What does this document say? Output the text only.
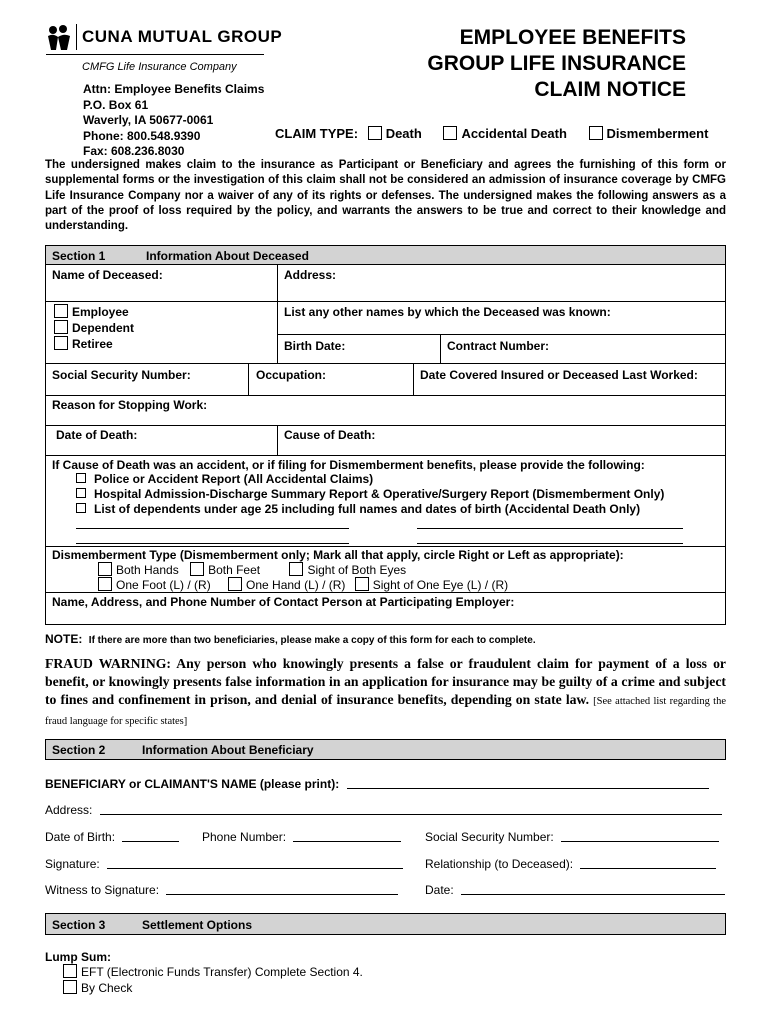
CUNA MUTUAL GROUP
CMFG Life Insurance Company
Attn: Employee Benefits Claims
P.O. Box 61
Waverly, IA 50677-0061
Phone: 800.548.9390
Fax: 608.236.8030
EMPLOYEE BENEFITS
GROUP LIFE INSURANCE
CLAIM NOTICE
CLAIM TYPE: Death	Accidental Death	Dismemberment
The undersigned makes claim to the insurance as Participant or Beneficiary and agrees the furnishing of this form or supplemental forms or the investigation of this claim shall not be considered an admission of insurance coverage by CMFG Life Insurance Company nor a waiver of any of its rights or defenses. The undersigned makes the following answers as a part of the proof of loss required by the policy, and warrants the answers to be true and correct to their knowledge and understanding.
Section 1	Information About Deceased
Name of Deceased:	Address:
Employee
Dependent
Retiree
List any other names by which the Deceased was known:
Birth Date:	Contract Number:
Social Security Number:	Occupation:	Date Covered Insured or Deceased Last Worked:
Reason for Stopping Work:
Date of Death:	Cause of Death:
If Cause of Death was an accident, or if filing for Dismemberment benefits, please provide the following:
Police or Accident Report (All Accidental Claims)
Hospital Admission-Discharge Summary Report & Operative/Surgery Report (Dismemberment Only)
List of dependents under age 25 including full names and dates of birth (Accidental Death Only)
Dismemberment Type (Dismemberment only; Mark all that apply, circle Right or Left as appropriate):
Both Hands Both Feet	Sight of Both Eyes
One Foot (L) / (R)	One Hand (L) / (R) Sight of One Eye (L) / (R)
Name, Address, and Phone Number of Contact Person at Participating Employer:
NOTE: If there are more than two beneficiaries, please make a copy of this form for each to complete.
FRAUD WARNING: Any person who knowingly presents a false or fraudulent claim for payment of a loss or benefit, or knowingly presents false information in an application for insurance may be guilty of a crime and subject to fines and confinement in prison, and denial of insurance benefits, depending on state law. [See attached list regarding the fraud language for specific states]
Section 2	Information About Beneficiary
BENEFICIARY or CLAIMANT'S NAME (please print):
Address:
Date of Birth:	Phone Number:	Social Security Number:
Signature:	Relationship (to Deceased):
Witness to Signature:	Date:
Section 3	Settlement Options
Lump Sum:
EFT (Electronic Funds Transfer) Complete Section 4.
By Check
